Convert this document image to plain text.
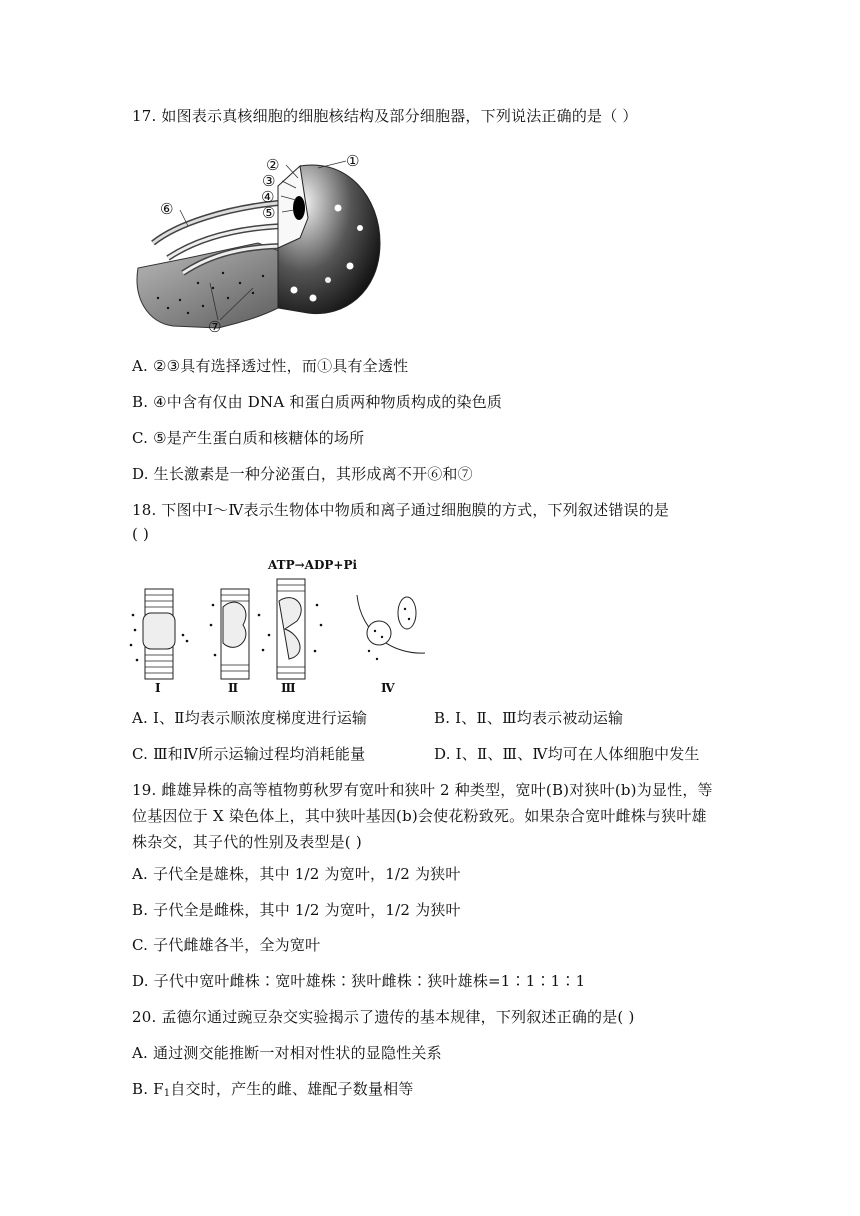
17. 如图表示真核细胞的细胞核结构及部分细胞器，下列说法正确的是（ ）
①
②
③
④
⑤
⑥
⑦
A. ②③具有选择透过性，而①具有全透性
B. ④中含有仅由 DNA 和蛋白质两种物质构成的染色质
C. ⑤是产生蛋白质和核糖体的场所
D. 生长激素是一种分泌蛋白，其形成离不开⑥和⑦
18. 下图中Ⅰ～Ⅳ表示生物体中物质和离子通过细胞膜的方式，下列叙述错误的是
( )
ATP→ADP+Pi
Ⅰ	Ⅱ	Ⅲ	Ⅳ
A. Ⅰ、Ⅱ均表示顺浓度梯度进行运输	B. Ⅰ、Ⅱ、Ⅲ均表示被动运输
C. Ⅲ和Ⅳ所示运输过程均消耗能量	D. Ⅰ、Ⅱ、Ⅲ、Ⅳ均可在人体细胞中发生
19. 雌雄异株的高等植物剪秋罗有宽叶和狭叶 2 种类型，宽叶(B)对狭叶(b)为显性，等
位基因位于 X 染色体上，其中狭叶基因(b)会使花粉致死。如果杂合宽叶雌株与狭叶雄
株杂交，其子代的性别及表型是( )
A. 子代全是雄株，其中 1/2 为宽叶，1/2 为狭叶
B. 子代全是雌株，其中 1/2 为宽叶，1/2 为狭叶
C. 子代雌雄各半，全为宽叶
D. 子代中宽叶雌株∶宽叶雄株∶狭叶雌株∶狭叶雄株=1∶1∶1∶1
20. 孟德尔通过豌豆杂交实验揭示了遗传的基本规律，下列叙述正确的是( )
A. 通过测交能推断一对相对性状的显隐性关系
B. $F_1$自交时，产生的雌、雄配子数量相等
